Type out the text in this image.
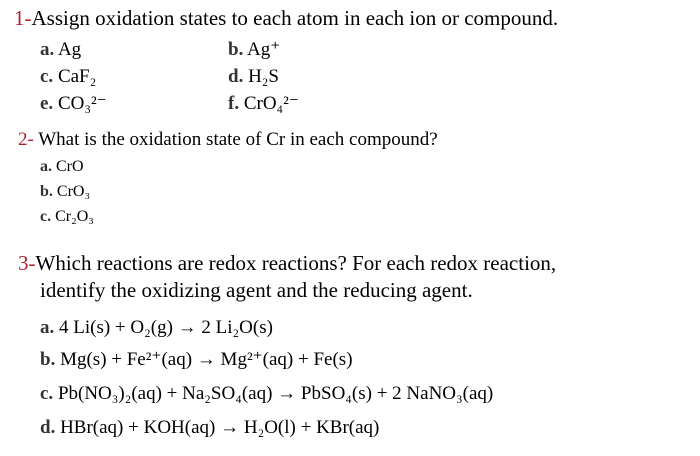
1-Assign oxidation states to each atom in each ion or compound.
a. Ag	b. Ag⁺
c. CaF₂	d. H₂S
e. CO₃²⁻	f. CrO₄²⁻
2- What is the oxidation state of Cr in each compound?
a. CrO
b. CrO₃
c. Cr₂O₃
3-Which reactions are redox reactions? For each redox reaction,
identify the oxidizing agent and the reducing agent.
a. 4 Li(s) + O₂(g) → 2 Li₂O(s)
b. Mg(s) + Fe²⁺(aq) → Mg²⁺(aq) + Fe(s)
c. Pb(NO₃)₂(aq) + Na₂SO₄(aq) → PbSO₄(s) + 2 NaNO₃(aq)
d. HBr(aq) + KOH(aq) → H₂O(l) + KBr(aq)
